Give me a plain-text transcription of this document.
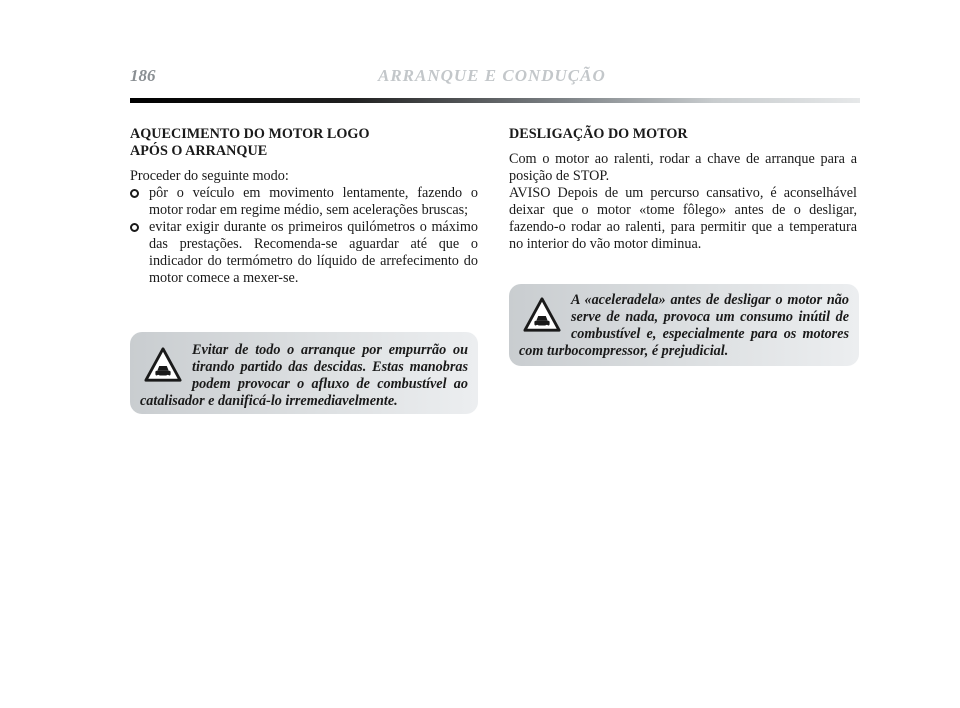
186	ARRANQUE E CONDUÇÃO

AQUECIMENTO DO MOTOR LOGO
APÓS O ARRANQUE

Proceder do seguinte modo:

pôr o veículo em movimento lentamente, fazendo o motor rodar em regime médio, sem acelerações bruscas;
evitar exigir durante os primeiros quilómetros o máximo das prestações. Recomenda-se aguardar até que o indicador do termómetro do líquido de arrefecimento do motor comece a mexer-se.

Evitar de todo o arranque por empurrão ou tirando partido das descidas. Estas manobras podem provocar o afluxo de combustível ao catalisador e danificá-lo irremediavelmente.

DESLIGAÇÃO DO MOTOR

Com o motor ao ralenti, rodar a chave de arranque para a posição de STOP.

AVISO Depois de um percurso cansativo, é aconselhável deixar que o motor «tome fôlego» antes de o desligar, fazendo-o rodar ao ralenti, para permitir que a temperatura no interior do vão motor diminua.

A «aceleradela» antes de desligar o motor não serve de nada, provoca um consumo inútil de combustível e, especialmente para os motores com turbocompressor, é prejudicial.
